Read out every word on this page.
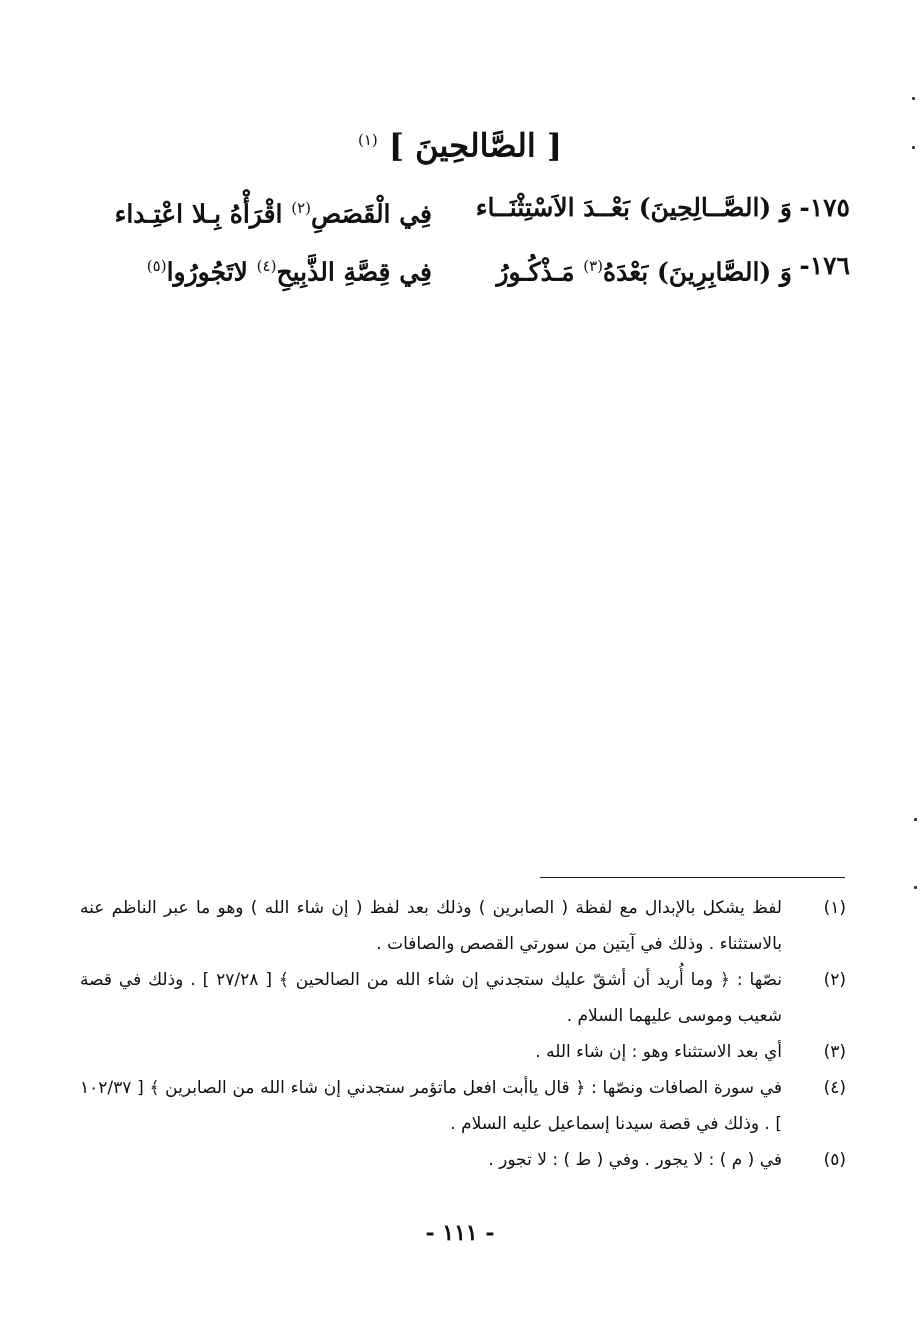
[ الصَّالحِينَ ] $^{(١)}$
١٧٥-
وَ (الصَّــالِحِينَ) بَعْــدَ الاَسْتِثْنَــاء
فِي الْقَصَصِ$^{(٢)}$ اقْرَأْهُ بِـلا اعْتِـداء
١٧٦-
وَ (الصَّابِرِينَ) بَعْدَهُ$^{(٣)}$ مَـذْكُـورُ
فِي قِصَّةِ الذَّبِيحِ$^{(٤)}$ لاتَجُورُوا$^{(٥)}$
(١)
لفظ يشكل بالإبدال مع لفظة ( الصابرين ) وذلك بعد لفظ ( إن شاء الله ) وهو ما عبر الناظم عنه بالاستثناء . وذلك في آيتين من سورتي القصص والصافات .
(٢)
نصّها : ﴿ وما أُريد أن أشقّ عليك ستجدني إن شاء الله من الصالحين ﴾ [ ٢٧/٢٨ ] . وذلك في قصة شعيب وموسى عليهما السلام .
(٣)
أي بعد الاستثناء وهو : إن شاء الله .
(٤)
في سورة الصافات ونصّها : ﴿ قال ياأبت افعل ماتؤمر ستجدني إن شاء الله من الصابرين ﴾ [ ١٠٢/٣٧ ] . وذلك في قصة سيدنا إسماعيل عليه السلام .
(٥)
في ( م ) : لا يجور . وفي ( ط ) : لا تجور .
- ١١١ -
